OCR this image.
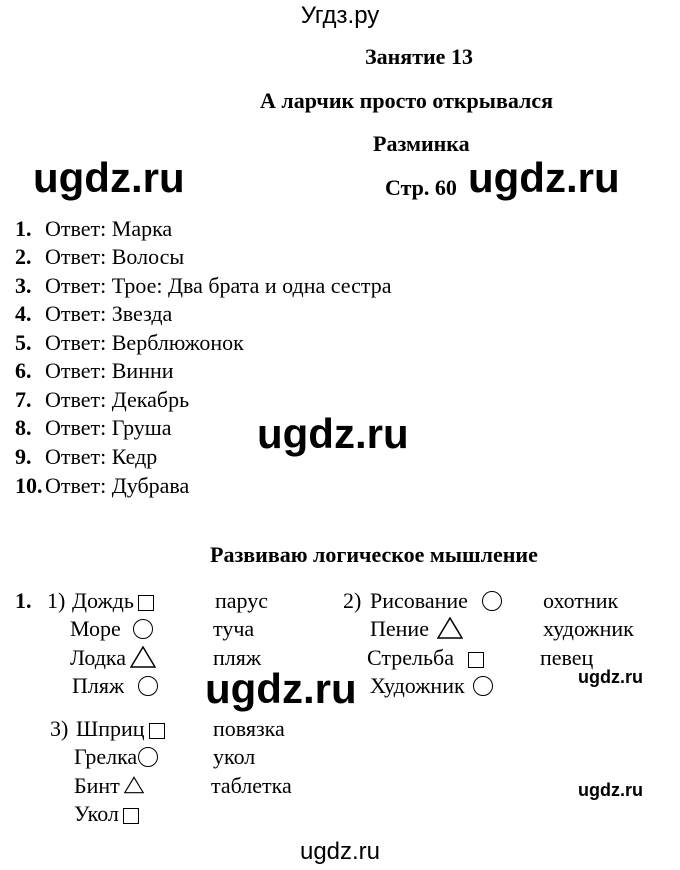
Угдз.ру
Занятие 13
А ларчик просто открывался
Разминка
Стр. 60
ugdz.ru	ugdz.ru
ugdz.ru
ugdz.ru	ugdz.ru
ugdz.ru
1. Ответ: Марка
2. Ответ: Волосы
3. Ответ: Трое: Два брата и одна сестра
4. Ответ: Звезда
5. Ответ: Верблюжонок
6. Ответ: Винни
7. Ответ: Декабрь
8. Ответ: Груша
9. Ответ: Кедр
10. Ответ: Дубрава
Развиваю логическое мышление
1. 1) Дождь
Море
Лодка
Пляж
парус
туча
пляж
2) Рисование
Пение
Стрельба
Художник
охотник
художник
певец
3) Шприц
Грелка
Бинт
Укол
повязка
укол
таблетка
ugdz.ru
